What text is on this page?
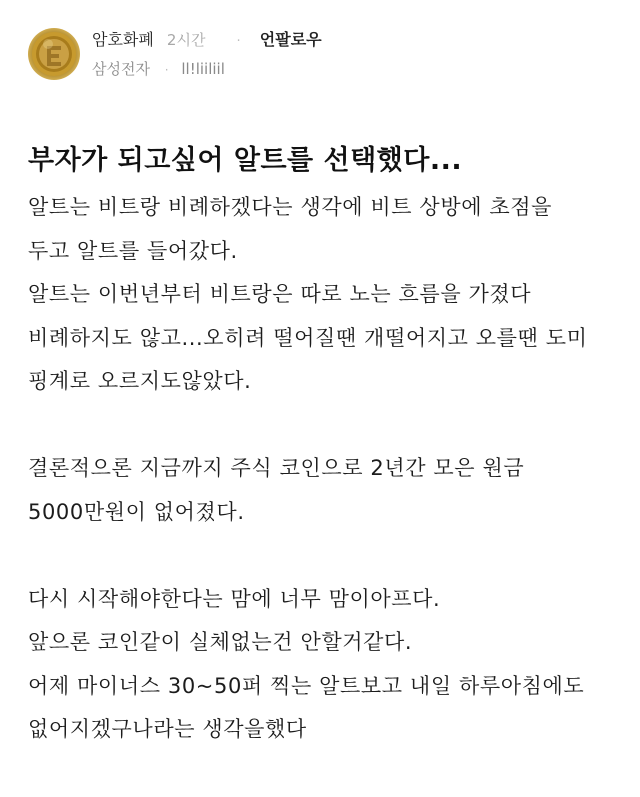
암호화폐 2시간 · 언팔로우
삼성전자 · ll!liiliil
부자가 되고싶어 알트를 선택했다...
알트는 비트랑 비례하겠다는 생각에 비트 상방에 초점을
두고 알트를 들어갔다.
알트는 이번년부터 비트랑은 따로 노는 흐름을 가졌다
비례하지도 않고...오히려 떨어질땐 개떨어지고 오를땐 도미
핑계로 오르지도않았다.
결론적으론 지금까지 주식 코인으로 2년간 모은 원금
5000만원이 없어졌다.
다시 시작해야한다는 맘에 너무 맘이아프다.
앞으론 코인같이 실체없는건 안할거같다.
어제 마이너스 30~50퍼 찍는 알트보고 내일 하루아침에도
없어지겠구나라는 생각을했다
